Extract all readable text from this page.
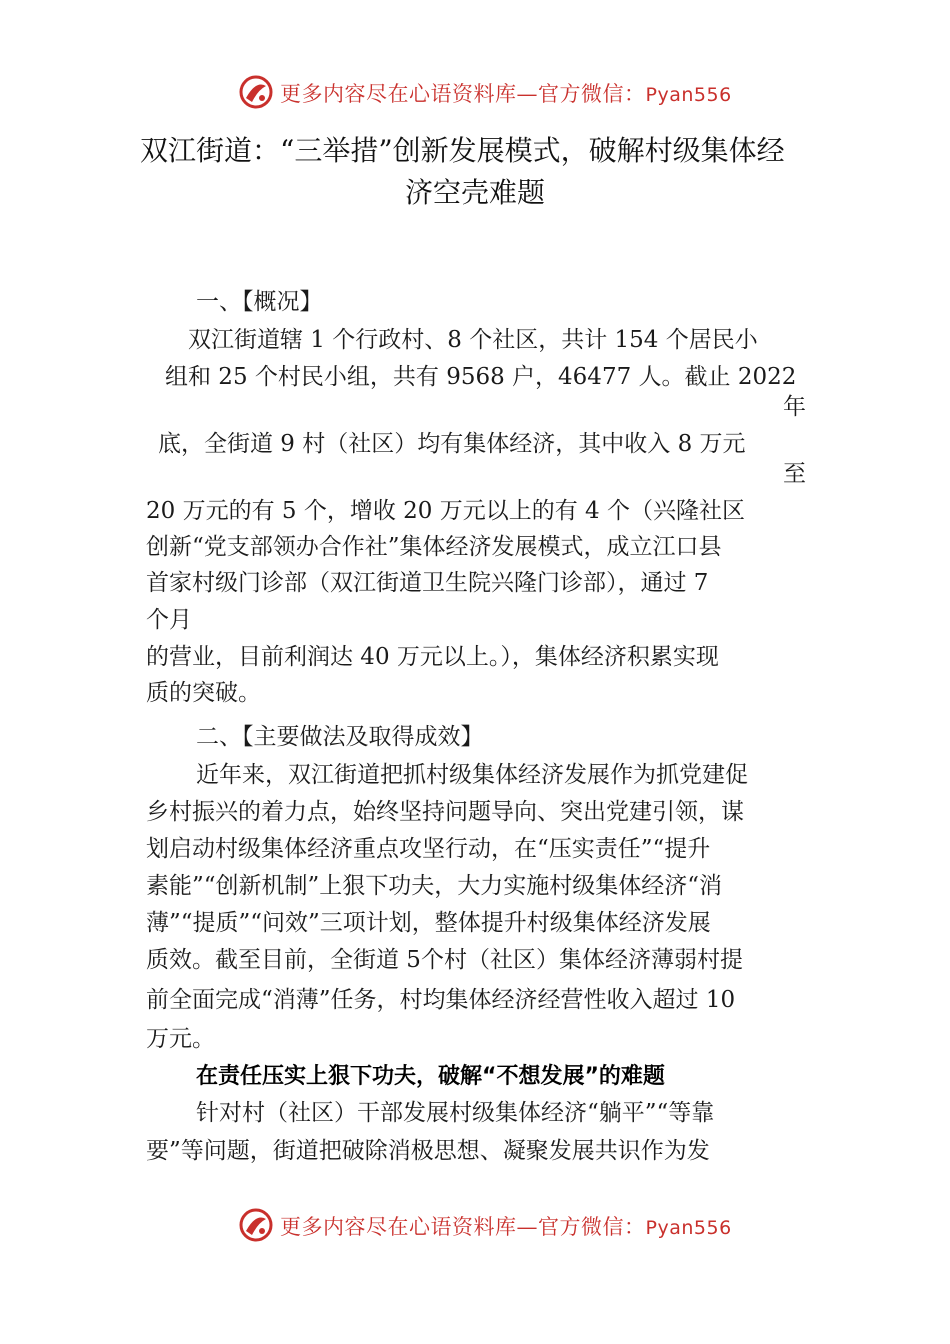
更多内容尽在心语资料库—官方微信：Pyan556
双江街道：“三举措”创新发展模式，破解村级集体经
济空壳难题
一、【概况】
双江街道辖 1 个行政村、8 个社区，共计 154 个居民小
组和 25 个村民小组，共有 9568 户，46477 人。截止 2022
年
底，全街道 9 村（社区）均有集体经济，其中收入 8 万元
至
20 万元的有 5 个，增收 20 万元以上的有 4 个（兴隆社区
创新“党支部领办合作社”集体经济发展模式，成立江口县
首家村级门诊部（双江街道卫生院兴隆门诊部），通过 7
个月
的营业，目前利润达 40 万元以上。），集体经济积累实现
质的突破。
二、【主要做法及取得成效】
近年来，双江街道把抓村级集体经济发展作为抓党建促
乡村振兴的着力点，始终坚持问题导向、突出党建引领，谋
划启动村级集体经济重点攻坚行动，在“压实责任”“提升
素能”“创新机制”上狠下功夫，大力实施村级集体经济“消
薄”“提质”“问效”三项计划，整体提升村级集体经济发展
质效。截至目前，全街道 5个村（社区）集体经济薄弱村提
前全面完成“消薄”任务，村均集体经济经营性收入超过 10
万元。
在责任压实上狠下功夫，破解“不想发展”的难题
针对村（社区）干部发展村级集体经济“躺平”“等靠
要”等问题，街道把破除消极思想、凝聚发展共识作为发
更多内容尽在心语资料库—官方微信：Pyan556
